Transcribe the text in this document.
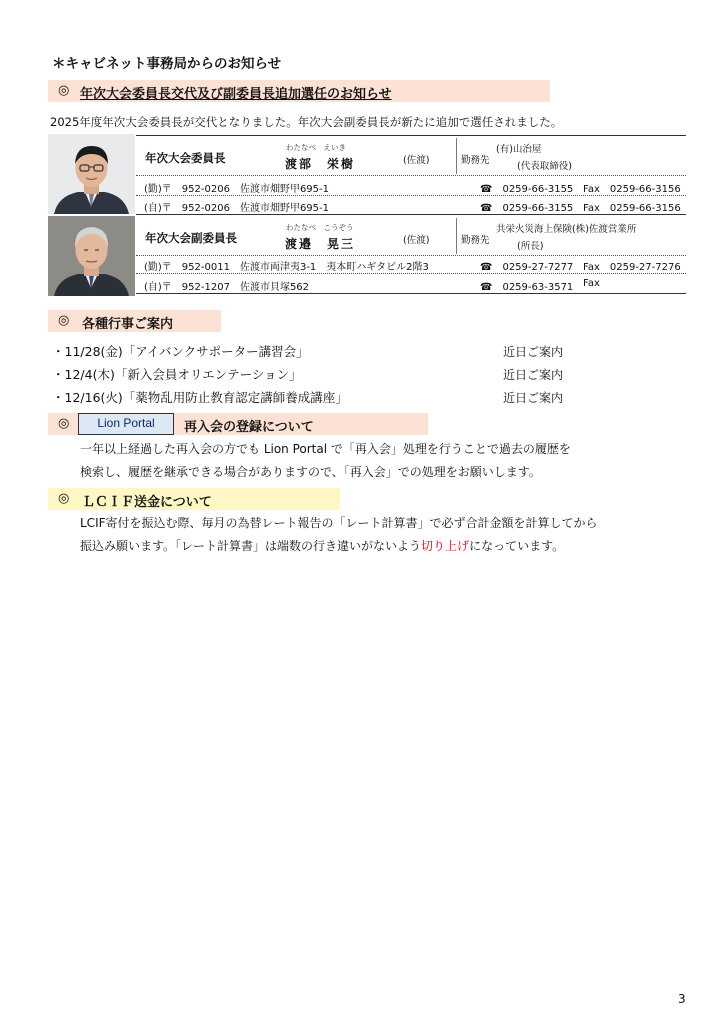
＊キャビネット事務局からのお知らせ
◎ 年次大会委員長交代及び副委員長追加選任のお知らせ
2025年度年次大会委員長が交代となりました。年次大会副委員長が新たに追加で選任されました。
年次大会委員長
わたなべ　えいき
渡部　栄樹	(佐渡)	勤務先
(有)山治屋
(代表取締役)
(勤)〒　952-0206　佐渡市畑野甲695-1	☎　0259-66-3155 Fax　0259-66-3156
(自)〒　952-0206　佐渡市畑野甲695-1	☎　0259-66-3155 Fax　0259-66-3156
年次大会副委員長
わたなべ　こうぞう
渡邉　晃三	(佐渡)	勤務先
共栄火災海上保険(株)佐渡営業所
(所長)
(勤)〒　952-0011　佐渡市両津夷3-1　夷本町ハギタビル2階3	☎　0259-27-7277 Fax　0259-27-7276
(自)〒　952-1207　佐渡市貝塚562	☎　0259-63-3571 Fax
◎ 各種行事ご案内
・11/28(金)「アイバンクサポーター講習会」	近日ご案内
・12/4(木)「新入会員オリエンテーション」	近日ご案内
・12/16(火)「薬物乱用防止教育認定講師養成講座」	近日ご案内
◎	再入会の登録について
Lion Portal
一年以上経過した再入会の方でも Lion Portal で「再入会」処理を行うことで過去の履歴を
検索し、履歴を継承できる場合がありますので、「再入会」での処理をお願いします。
◎ ＬＣＩＦ送金について
LCIF寄付を振込む際、毎月の為替レート報告の「レート計算書」で必ず合計金額を計算してから
振込み願います。「レート計算書」は端数の行き違いがないよう切り上げになっています。
3
